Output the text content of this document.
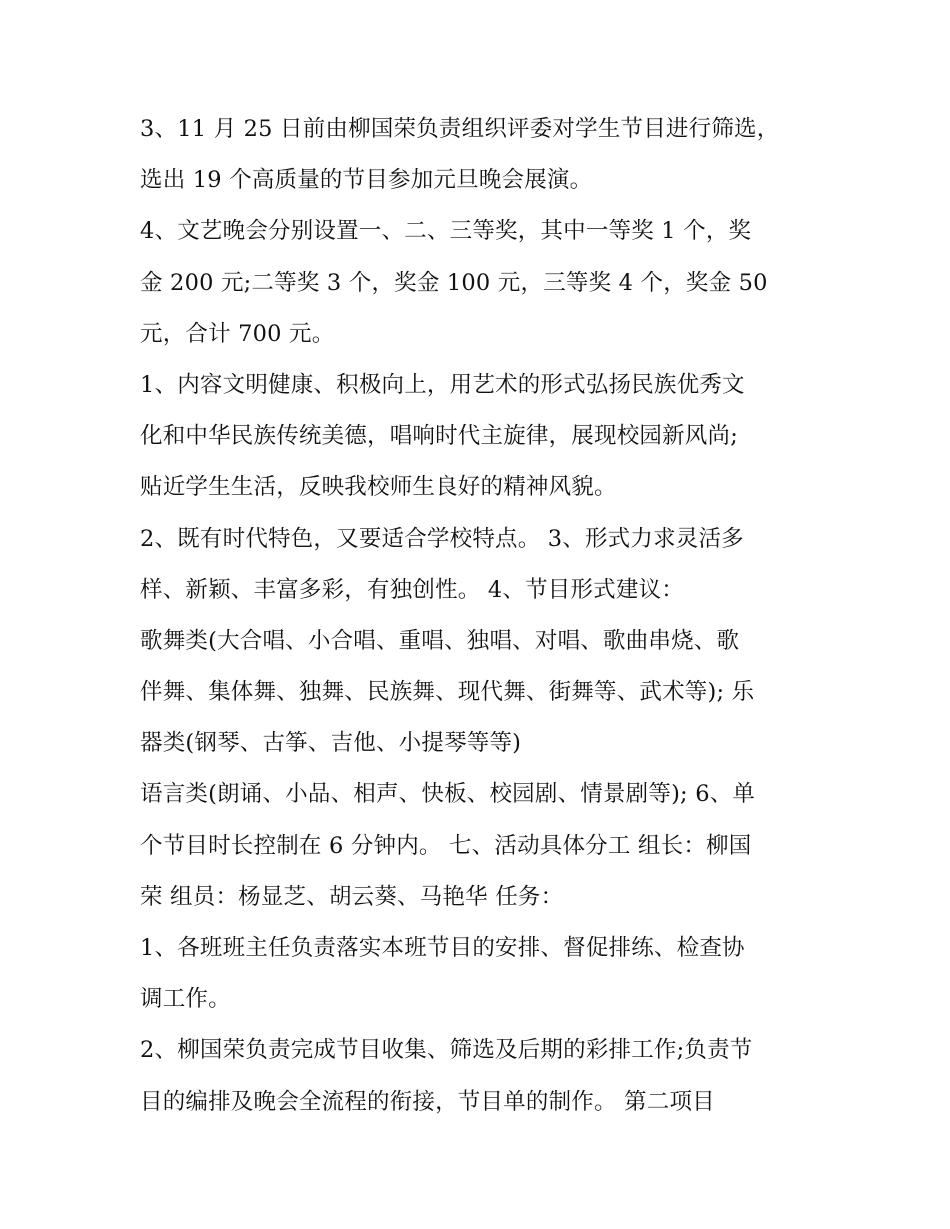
3、11 月 25 日前由柳国荣负责组织评委对学生节目进行筛选，
选出 19 个高质量的节目参加元旦晚会展演。
4、文艺晚会分别设置一、二、三等奖，其中一等奖 1 个，奖
金 200 元;二等奖 3 个，奖金 100 元，三等奖 4 个，奖金 50
元，合计 700 元。
1、内容文明健康、积极向上，用艺术的形式弘扬民族优秀文
化和中华民族传统美德，唱响时代主旋律，展现校园新风尚;
贴近学生生活，反映我校师生良好的精神风貌。
2、既有时代特色，又要适合学校特点。 3、形式力求灵活多
样、新颖、丰富多彩，有独创性。 4、节目形式建议：
歌舞类(大合唱、小合唱、重唱、独唱、对唱、歌曲串烧、歌
伴舞、集体舞、独舞、民族舞、现代舞、街舞等、武术等); 乐
器类(钢琴、古筝、吉他、小提琴等等)
语言类(朗诵、小品、相声、快板、校园剧、情景剧等); 6、单
个节目时长控制在 6 分钟内。 七、活动具体分工 组长：柳国
荣 组员：杨显芝、胡云葵、马艳华 任务：
1、各班班主任负责落实本班节目的安排、督促排练、检查协
调工作。
2、柳国荣负责完成节目收集、筛选及后期的彩排工作;负责节
目的编排及晚会全流程的衔接，节目单的制作。 第二项目
